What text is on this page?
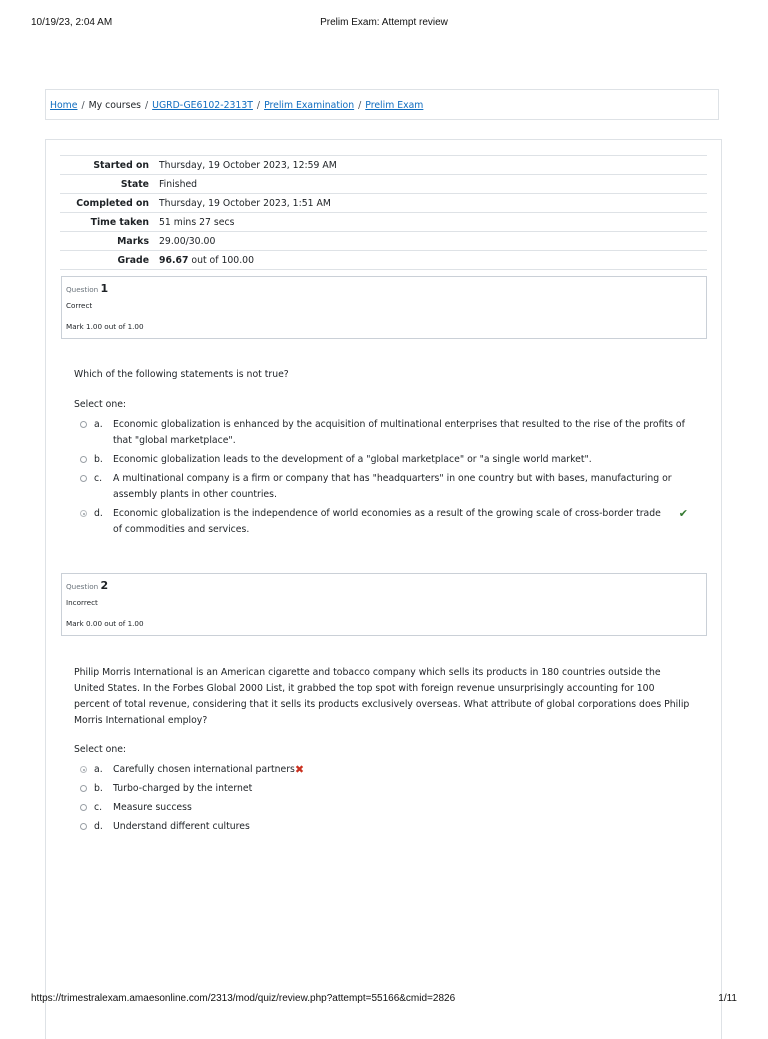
10/19/23, 2:04 AM	Prelim Exam: Attempt review
Home / My courses / UGRD-GE6102-2313T / Prelim Examination / Prelim Exam
Started on	Thursday, 19 October 2023, 12:59 AM
State	Finished
Completed on	Thursday, 19 October 2023, 1:51 AM
Time taken	51 mins 27 secs
Marks	29.00/30.00
Grade	96.67 out of 100.00
Question 1
Correct
Mark 1.00 out of 1.00
Which of the following statements is not true?
Select one:
a.	Economic globalization is enhanced by the acquisition of multinational enterprises that resulted to the rise of the profits of that "global marketplace".
b.	Economic globalization leads to the development of a "global marketplace" or "a single world market".
c.	A multinational company is a firm or company that has "headquarters" in one country but with bases, manufacturing or assembly plants in other countries.
d.	Economic globalization is the independence of world economies as a result of the growing scale of cross-border trade of commodities and services.
✔
Question 2
Incorrect
Mark 0.00 out of 1.00
Philip Morris International is an American cigarette and tobacco company which sells its products in 180 countries outside the United States. In the Forbes Global 2000 List, it grabbed the top spot with foreign revenue unsurprisingly accounting for 100 percent of total revenue, considering that it sells its products exclusively overseas. What attribute of global corporations does Philip Morris International employ?
Select one:
a.	Carefully chosen international partners ✖
b.	Turbo-charged by the internet
c.	Measure success
d.	Understand different cultures
https://trimestralexam.amaesonline.com/2313/mod/quiz/review.php?attempt=55166&cmid=2826	1/11
